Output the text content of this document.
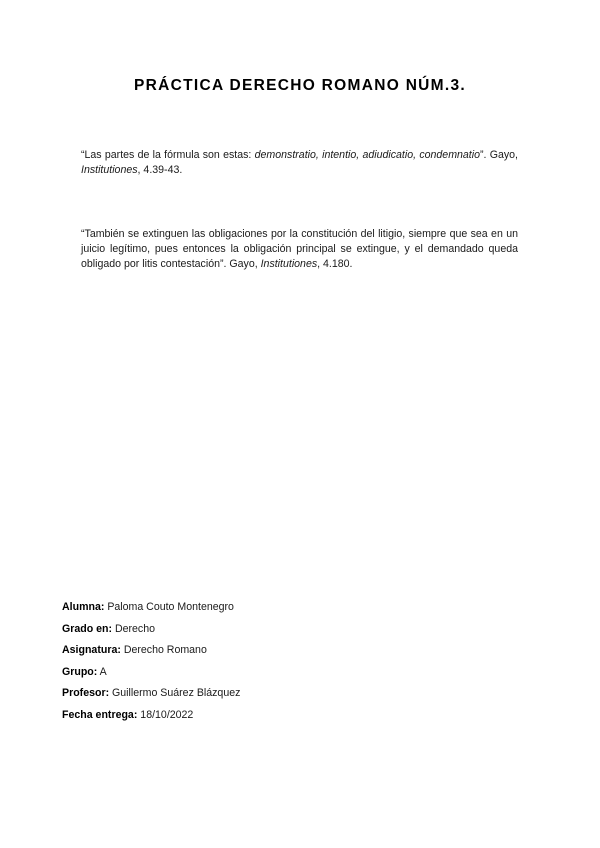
PRÁCTICA DERECHO ROMANO NÚM.3.

“Las partes de la fórmula son estas: demonstratio, intentio, adiudicatio, condemnatio”. Gayo, Institutiones, 4.39-43.

“También se extinguen las obligaciones por la constitución del litigio, siempre que sea en un juicio legítimo, pues entonces la obligación principal se extingue, y el demandado queda obligado por litis contestación”. Gayo, Institutiones, 4.180.

Alumna: Paloma Couto Montenegro
Grado en: Derecho
Asignatura: Derecho Romano
Grupo: A
Profesor: Guillermo Suárez Blázquez
Fecha entrega: 18/10/2022
